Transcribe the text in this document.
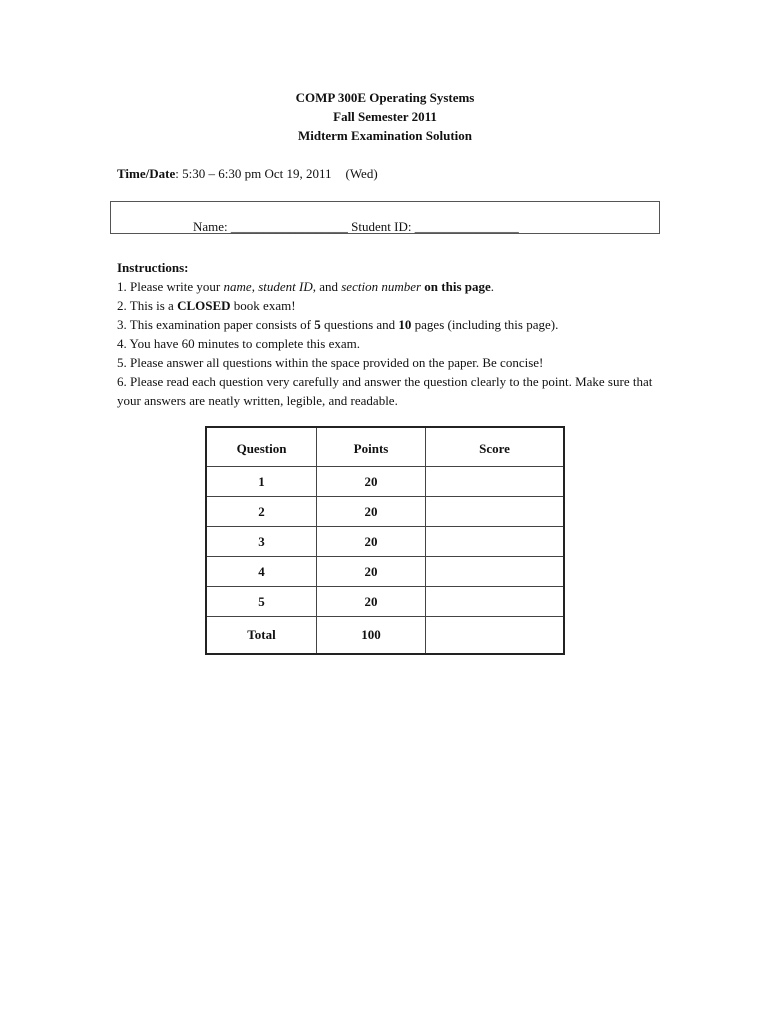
COMP 300E Operating Systems
Fall Semester 2011
Midterm Examination Solution
Time/Date: 5:30 – 6:30 pm Oct 19, 2011 (Wed)
Name: __________________ Student ID: ________________

Instructions:

1. Please write your name, student ID, and section number on this page.

2. This is a CLOSED book exam!

3. This examination paper consists of 5 questions and 10 pages (including this page).

4. You have 60 minutes to complete this exam.

5. Please answer all questions within the space provided on the paper. Be concise!

6. Please read each question very carefully and answer the question clearly to the point. Make sure that your answers are neatly written, legible, and readable.

Question	Points	Score
1	20	
2	20	
3	20	
4	20	
5	20	
Total	100	
